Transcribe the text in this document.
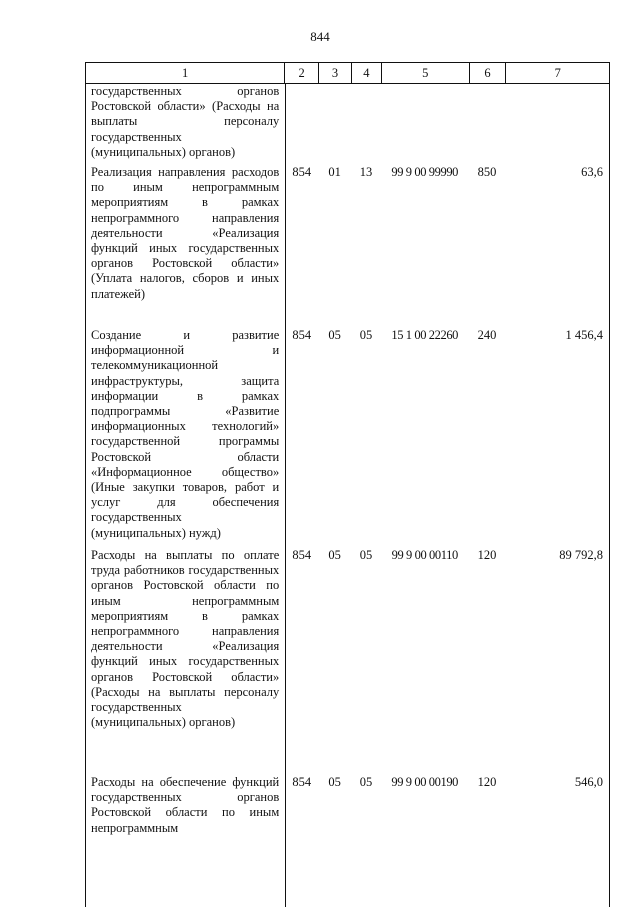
844
1	2	3	4	5	6	7
государственных органов Ростовской области» (Расходы на выплаты персоналу государственных (муниципальных) органов)
Реализация направления расходов по иным непрограммным мероприятиям в рамках непрограммного направления деятельности «Реализация функций иных государственных органов Ростовской области» (Уплата налогов, сборов и иных платежей)
854	01	13	99 9 00 99990	850	63,6
Создание и развитие информационной и телекоммуникационной инфраструктуры, защита информации в рамках подпрограммы «Развитие информационных технологий» государственной программы Ростовской области «Информационное общество» (Иные закупки товаров, работ и услуг для обеспечения государственных (муниципальных) нужд)
854	05	05	15 1 00 22260	240	1 456,4
Расходы на выплаты по оплате труда работников государственных органов Ростовской области по иным непрограммным мероприятиям в рамках непрограммного направления деятельности «Реализация функций иных государственных органов Ростовской области» (Расходы на выплаты персоналу государственных (муниципальных) органов)
854	05	05	99 9 00 00110	120	89 792,8
Расходы на обеспечение функций государственных органов Ростовской области по иным непрограммным
854	05	05	99 9 00 00190	120	546,0
